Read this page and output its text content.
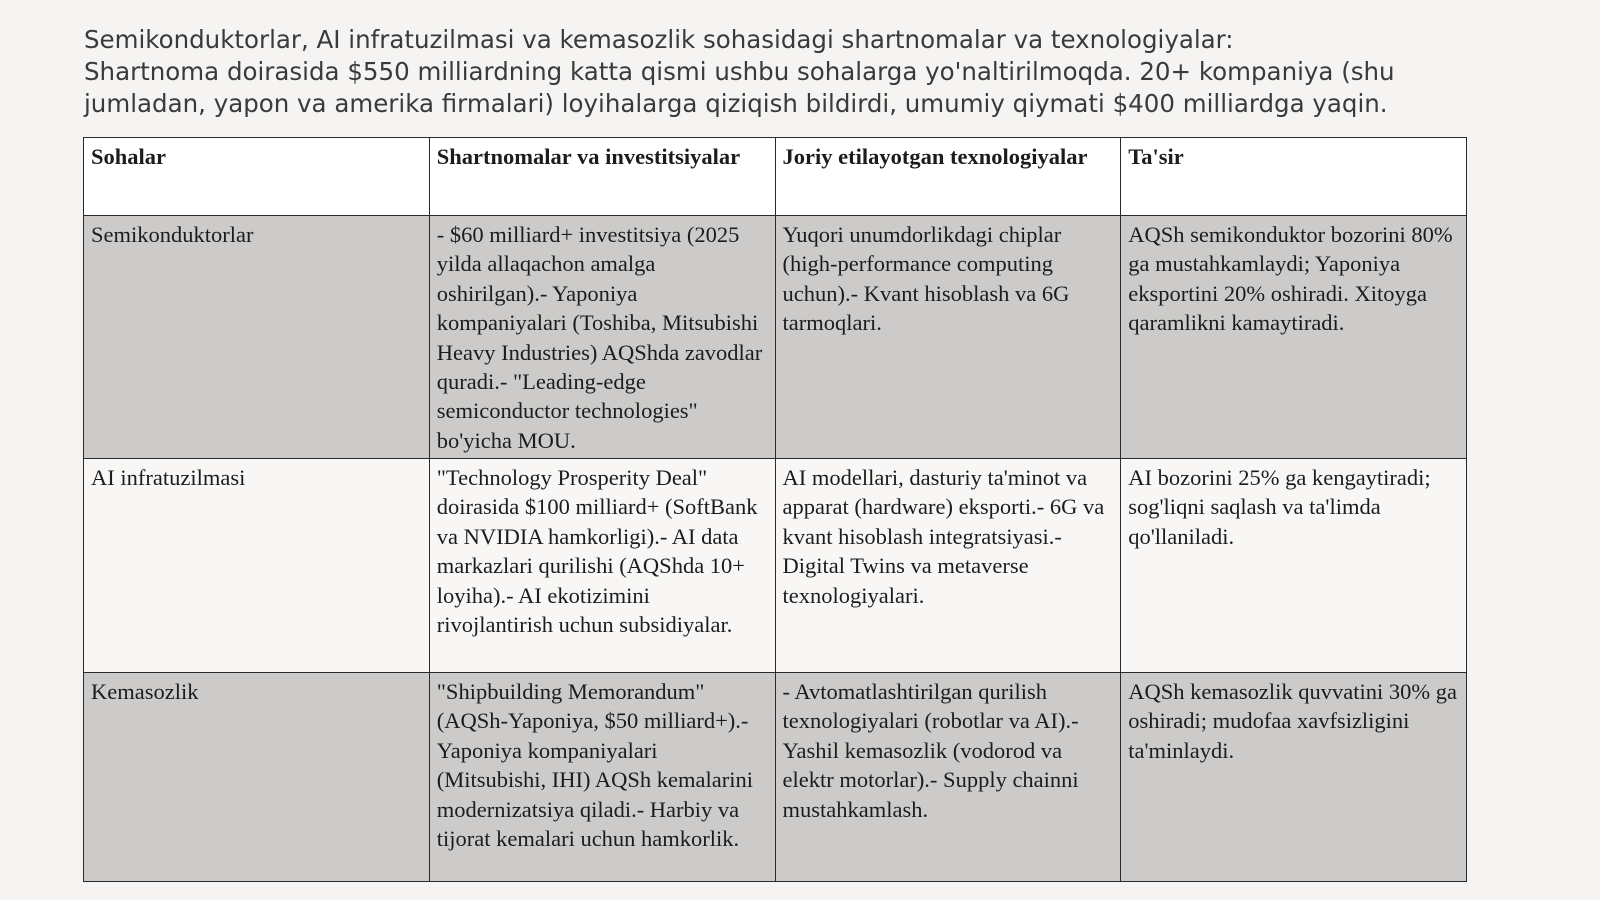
Semikonduktorlar, AI infratuzilmasi va kemasozlik sohasidagi shartnomalar va texnologiyalar:
Shartnoma doirasida $550 milliardning katta qismi ushbu sohalarga yo'naltirilmoqda. 20+ kompaniya (shu
jumladan, yapon va amerika firmalari) loyihalarga qiziqish bildirdi, umumiy qiymati $400 milliardga yaqin.
Sohalar	Shartnomalar va investitsiyalar	Joriy etilayotgan texnologiyalar	Ta'sir
Semikonduktorlar	- $60 milliard+ investitsiya (2025 yilda allaqachon amalga oshirilgan).- Yaponiya kompaniyalari (Toshiba, Mitsubishi Heavy Industries) AQShda zavodlar quradi.- "Leading-edge semiconductor technologies" bo'yicha MOU.	Yuqori unumdorlikdagi chiplar (high-performance computing uchun).- Kvant hisoblash va 6G tarmoqlari.	AQSh semikonduktor bozorini 80% ga mustahkamlaydi; Yaponiya eksportini 20% oshiradi. Xitoyga qaramlikni kamaytiradi.
AI infratuzilmasi	"Technology Prosperity Deal" doirasida $100 milliard+ (SoftBank va NVIDIA hamkorligi).- AI data markazlari qurilishi (AQShda 10+ loyiha).- AI ekotizimini rivojlantirish uchun subsidiyalar.	AI modellari, dasturiy ta'minot va apparat (hardware) eksporti.- 6G va kvant hisoblash integratsiyasi.- Digital Twins va metaverse texnologiyalari.	AI bozorini 25% ga kengaytiradi; sog'liqni saqlash va ta'limda qo'llaniladi.
Kemasozlik	"Shipbuilding Memorandum" (AQSh-Yaponiya, $50 milliard+).- Yaponiya kompaniyalari (Mitsubishi, IHI) AQSh kemalarini modernizatsiya qiladi.- Harbiy va tijorat kemalari uchun hamkorlik.	- Avtomatlashtirilgan qurilish texnologiyalari (robotlar va AI).- Yashil kemasozlik (vodorod va elektr motorlar).- Supply chainni mustahkamlash.	AQSh kemasozlik quvvatini 30% ga oshiradi; mudofaa xavfsizligini ta'minlaydi.
